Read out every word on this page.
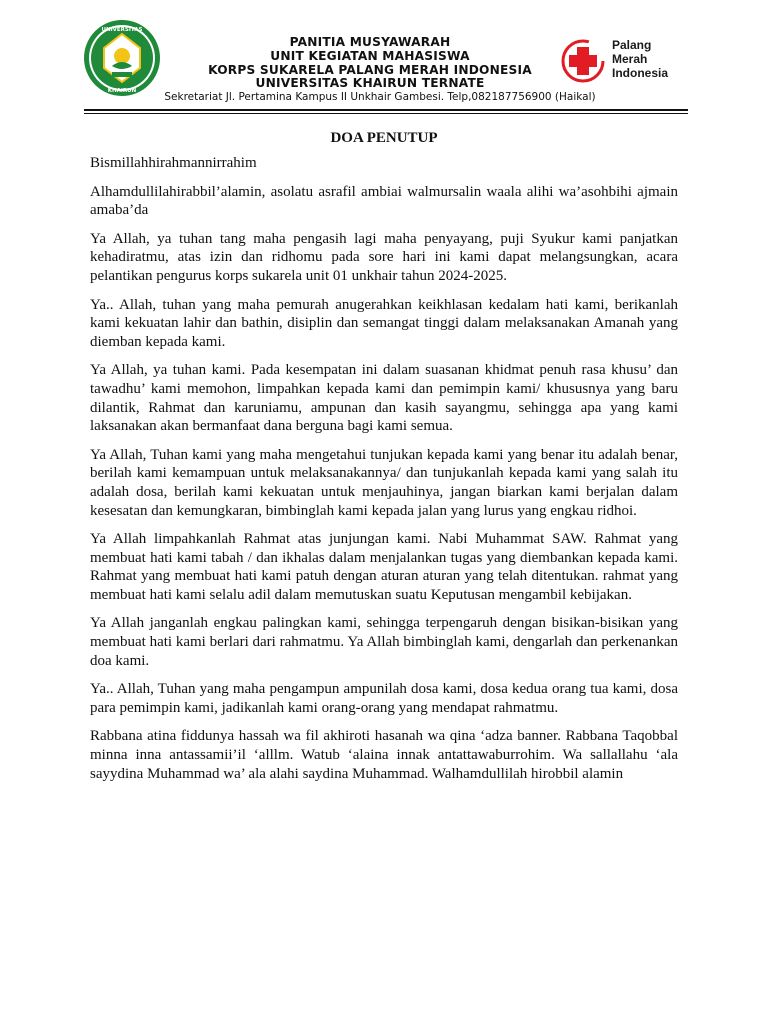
UNIVERSITAS
KHAIRUN
PANITIA MUSYAWARAH
UNIT KEGIATAN MAHASISWA
KORPS SUKARELA PALANG MERAH INDONESIA
UNIVERSITAS KHAIRUN TERNATE
Palang
Merah
Indonesia
Sekretariat Jl. Pertamina Kampus II Unkhair Gambesi. Telp,082187756900 (Haikal)
DOA PENUTUP

Bismillahhirahmannirrahim

Alhamdullilahirabbil’alamin, asolatu asrafil ambiai walmursalin waala alihi wa’asohbihi ajmain amaba’da

Ya Allah, ya tuhan tang maha pengasih lagi maha penyayang, puji Syukur kami panjatkan kehadiratmu, atas izin dan ridhomu pada sore hari ini kami dapat melangsungkan, acara pelantikan pengurus korps sukarela unit 01 unkhair tahun 2024-2025.

Ya.. Allah, tuhan yang maha pemurah anugerahkan keikhlasan kedalam hati kami, berikanlah kami kekuatan lahir dan bathin, disiplin dan semangat tinggi dalam melaksanakan Amanah yang diemban kepada kami.

Ya Allah, ya tuhan kami. Pada kesempatan ini dalam suasanan khidmat penuh rasa khusu’ dan tawadhu’ kami memohon, limpahkan kepada kami dan pemimpin kami/ khususnya yang baru dilantik, Rahmat dan karuniamu, ampunan dan kasih sayangmu, sehingga apa yang kami laksanakan akan bermanfaat dana berguna bagi kami semua.

Ya Allah, Tuhan kami yang maha mengetahui tunjukan kepada kami yang benar itu adalah benar, berilah kami kemampuan untuk melaksanakannya/ dan tunjukanlah kepada kami yang salah itu adalah dosa, berilah kami kekuatan untuk menjauhinya, jangan biarkan kami berjalan dalam kesesatan dan kemungkaran, bimbinglah kami kepada jalan yang lurus yang engkau ridhoi.

Ya Allah limpahkanlah Rahmat atas junjungan kami. Nabi Muhammat SAW. Rahmat yang membuat hati kami tabah / dan ikhalas dalam menjalankan tugas yang diembankan kepada kami. Rahmat yang membuat hati kami patuh dengan aturan aturan yang telah ditentukan. rahmat yang membuat hati kami selalu adil dalam memutuskan suatu Keputusan mengambil kebijakan.

Ya Allah janganlah engkau palingkan kami, sehingga terpengaruh dengan bisikan-bisikan yang membuat hati kami berlari dari rahmatmu. Ya Allah bimbinglah kami, dengarlah dan perkenankan doa kami.

Ya.. Allah, Tuhan yang maha pengampun ampunilah dosa kami, dosa kedua orang tua kami, dosa para pemimpin kami, jadikanlah kami orang-orang yang mendapat rahmatmu.

Rabbana atina fiddunya hassah wa fil akhiroti hasanah wa qina ‘adza banner. Rabbana Taqobbal minna inna antassamii’il ‘alllm. Watub ‘alaina innak antattawaburrohim. Wa sallallahu ‘ala sayydina Muhammad wa’ ala alahi saydina Muhammad. Walhamdullilah hirobbil alamin
